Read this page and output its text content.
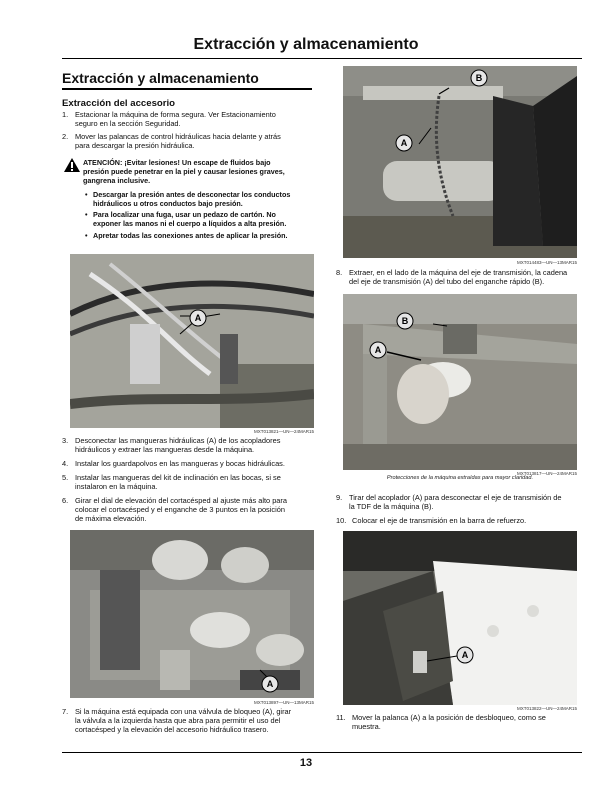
Extracción y almacenamiento
Extracción y almacenamiento
Extracción del accesorio
1. Estacionar la máquina de forma segura. Ver Estacionamiento
seguro en la sección Seguridad.
2. Mover las palancas de control hidráulicas hacia delante y atrás
para descargar la presión hidráulica.
ATENCIÓN: ¡Evitar lesiones! Un escape de fluidos bajo
presión puede penetrar en la piel y causar lesiones graves,
gangrena inclusive.
• Descargar la presión antes de desconectar los conductos
hidráulicos u otros conductos bajo presión.
• Para localizar una fuga, usar un pedazo de cartón. No
exponer las manos ni el cuerpo a líquidos a alta presión.
• Apretar todas las conexiones antes de aplicar la presión.
A
MXT013821—UN—24MAR15
3. Desconectar las mangueras hidráulicas (A) de los acopladores
hidráulicos y extraer las mangueras desde la máquina.
4. Instalar los guardapolvos en las mangueras y bocas hidráulicas.
5. Instalar las mangueras del kit de inclinación en las bocas, si se
instalaron en la máquina.
6. Girar el dial de elevación del cortacésped al ajuste más alto para
colocar el cortacésped y el enganche de 3 puntos en la posición
de máxima elevación.
A
MXT013897—UN—13MAR15
7. Si la máquina está equipada con una válvula de bloqueo (A), girar
la válvula a la izquierda hasta que abra para permitir el uso del
cortacésped y la elevación del accesorio hidráulico trasero.
B
A
MXT014483—UN—13MAR15
8. Extraer, en el lado de la máquina del eje de transmisión, la cadena
del eje de transmisión (A) del tubo del enganche rápido (B).
B
A
MXT013817—UN—24MAR15
Protecciones de la máquina extraídas para mayor claridad.
9. Tirar del acoplador (A) para desconectar el eje de transmisión de
la TDF de la máquina (B).
10. Colocar el eje de transmisión en la barra de refuerzo.
A
MXT013822—UN—24MAR15
11. Mover la palanca (A) a la posición de desbloqueo, como se
muestra.
13
